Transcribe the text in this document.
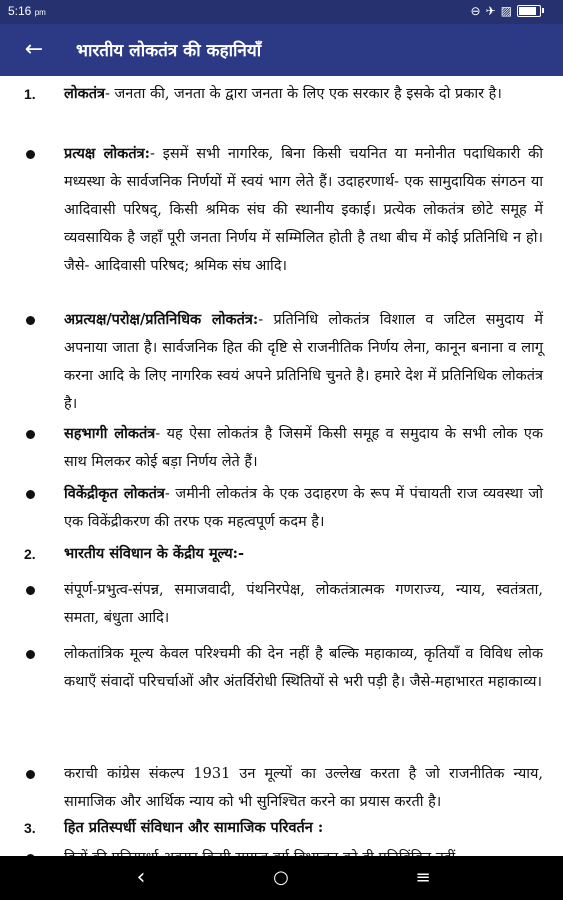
5:16 pm	⊖ ✈ ▨
← भारतीय लोकतंत्र की कहानियाँ
1. लोकतंत्र- जनता की, जनता के द्वारा जनता के लिए एक सरकार है इसके दो प्रकार है।
प्रत्यक्ष लोकतंत्र:- इसमें सभी नागरिक, बिना किसी चयनित या मनोनीत पदाधिकारी की मध्यस्था के सार्वजनिक निर्णयों में स्वयं भाग लेते हैं। उदाहरणार्थ- एक सामुदायिक संगठन या आदिवासी परिषद्, किसी श्रमिक संघ की स्थानीय इकाई। प्रत्येक लोकतंत्र छोटे समूह में व्यवसायिक है जहाँ पूरी जनता निर्णय में सम्मिलित होती है तथा बीच में कोई प्रतिनिधि न हो। जैसे- आदिवासी परिषद; श्रमिक संघ आदि।
अप्रत्यक्ष/परोक्ष/प्रतिनिधिक लोकतंत्र:- प्रतिनिधि लोकतंत्र विशाल व जटिल समुदाय में अपनाया जाता है। सार्वजनिक हित की दृष्टि से राजनीतिक निर्णय लेना, कानून बनाना व लागू करना आदि के लिए नागरिक स्वयं अपने प्रतिनिधि चुनते है। हमारे देश में प्रतिनिधिक लोकतंत्र है।
सहभागी लोकतंत्र- यह ऐसा लोकतंत्र है जिसमें किसी समूह व समुदाय के सभी लोक एक साथ मिलकर कोई बड़ा निर्णय लेते हैं।
विकेंद्रीकृत लोकतंत्र- जमीनी लोकतंत्र के एक उदाहरण के रूप में पंचायती राज व्यवस्था जो एक विकेंद्रीकरण की तरफ एक महत्वपूर्ण कदम है।
2. भारतीय संविधान के केंद्रीय मूल्य:-
संपूर्ण-प्रभुत्व-संपन्न, समाजवादी, पंथनिरपेक्ष, लोकतंत्रात्मक गणराज्य, न्याय, स्वतंत्रता, समता, बंधुता आदि।
लोकतांत्रिक मूल्य केवल परिश्चमी की देन नहीं है बल्कि महाकाव्य, कृतियाँ व विविध लोक कथाएँ संवादों परिचर्चाओं और अंतर्विरोधी स्थितियों से भरी पड़ी है। जैसे-महाभारत महाकाव्य।
कराची कांग्रेस संकल्प 1931 उन मूल्यों का उल्लेख करता है जो राजनीतिक न्याय, सामाजिक और आर्थिक न्याय को भी सुनिश्चित करने का प्रयास करती है।
3. हित प्रतिस्पर्धी संविधान और सामाजिक परिवर्तन :
‹	○	≡
